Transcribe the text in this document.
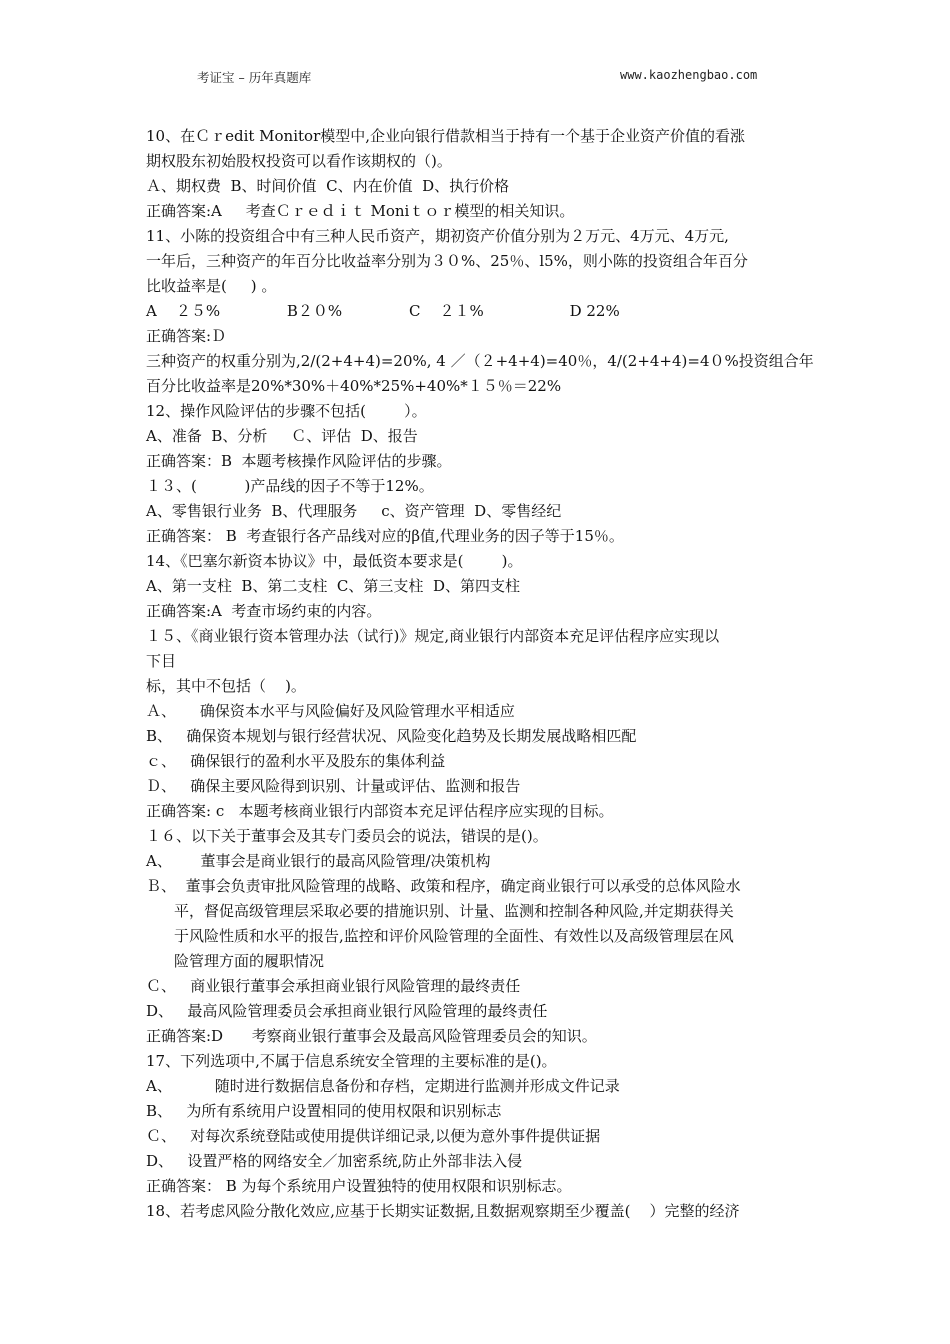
考证宝 – 历年真题库	www.kaozhengbao.com
10、在Ｃｒedit Monitor模型中,企业向银行借款相当于持有一个基于企业资产价值的看涨
期权股东初始股权投资可以看作该期权的（)。
Ａ、期权费  B、时间价值  C、内在价值  D、执行价格
正确答案:A     考查Ｃｒｅｄｉｔ Moniｔｏｒ模型的相关知识。
11、小陈的投资组合中有三种人民币资产，期初资产价值分别为２万元、4万元、4万元,
一年后，三种资产的年百分比收益率分别为３０%、25％、l5%，则小陈的投资组合年百分
比收益率是(     ) 。
A    ２５%              B２０%              C    ２１%                  D 22%
正确答案:Ｄ
三种资产的权重分别为,2/(2+4+4)=20%, 4 ／（２+4+4)=40％，4/(2+4+4)=4０%投资组合年
百分比收益率是20%*30%＋40%*25%+40%*１５％＝22%
12、操作风险评估的步骤不包括(        ）。
A、准备  B、分析     Ｃ、评估  D、报告
正确答案：B  本题考核操作风险评估的步骤。
１３、(          )产品线的因子不等于12%。
A、零售银行业务  B、代理服务     c、资产管理  D、零售经纪
正确答案： B  考查银行各产品线对应的β值,代理业务的因子等于15％。
14、《巴塞尔新资本协议》中，最低资本要求是(        )。
A、第一支柱  B、第二支柱  C、第三支柱  D、第四支柱
正确答案:A  考查市场约束的内容。
１５、《商业银行资本管理办法（试行)》规定,商业银行内部资本充足评估程序应实现以
下目
标，其中不包括（    )。
Ａ、     确保资本水平与风险偏好及风险管理水平相适应
B、   确保资本规划与银行经营状况、风险变化趋势及长期发展战略相匹配
ｃ、   确保银行的盈利水平及股东的集体利益
Ｄ、   确保主要风险得到识别、计量或评估、监测和报告
正确答案: c   本题考核商业银行内部资本充足评估程序应实现的目标。
１６、以下关于董事会及其专门委员会的说法，错误的是()。
A、      董事会是商业银行的最高风险管理/决策机构
Ｂ、 董事会负责审批风险管理的战略、政策和程序，确定商业银行可以承受的总体风险水
平，督促高级管理层采取必要的措施识别、计量、监测和控制各种风险,并定期获得关
于风险性质和水平的报告,监控和评价风险管理的全面性、有效性以及高级管理层在风
险管理方面的履职情况
Ｃ、   商业银行董事会承担商业银行风险管理的最终责任
D、   最高风险管理委员会承担商业银行风险管理的最终责任
正确答案:D      考察商业银行董事会及最高风险管理委员会的知识。
17、下列选项中,不属于信息系统安全管理的主要标准的是()。
A、         随时进行数据信息备份和存档，定期进行监测并形成文件记录
B、   为所有系统用户设置相同的使用权限和识别标志
Ｃ、   对每次系统登陆或使用提供详细记录,以便为意外事件提供证据
D、   设置严格的网络安全／加密系统,防止外部非法入侵
正确答案： B 为每个系统用户设置独特的使用权限和识别标志。
18、若考虑风险分散化效应,应基于长期实证数据,且数据观察期至少覆盖(    ）完整的经济
